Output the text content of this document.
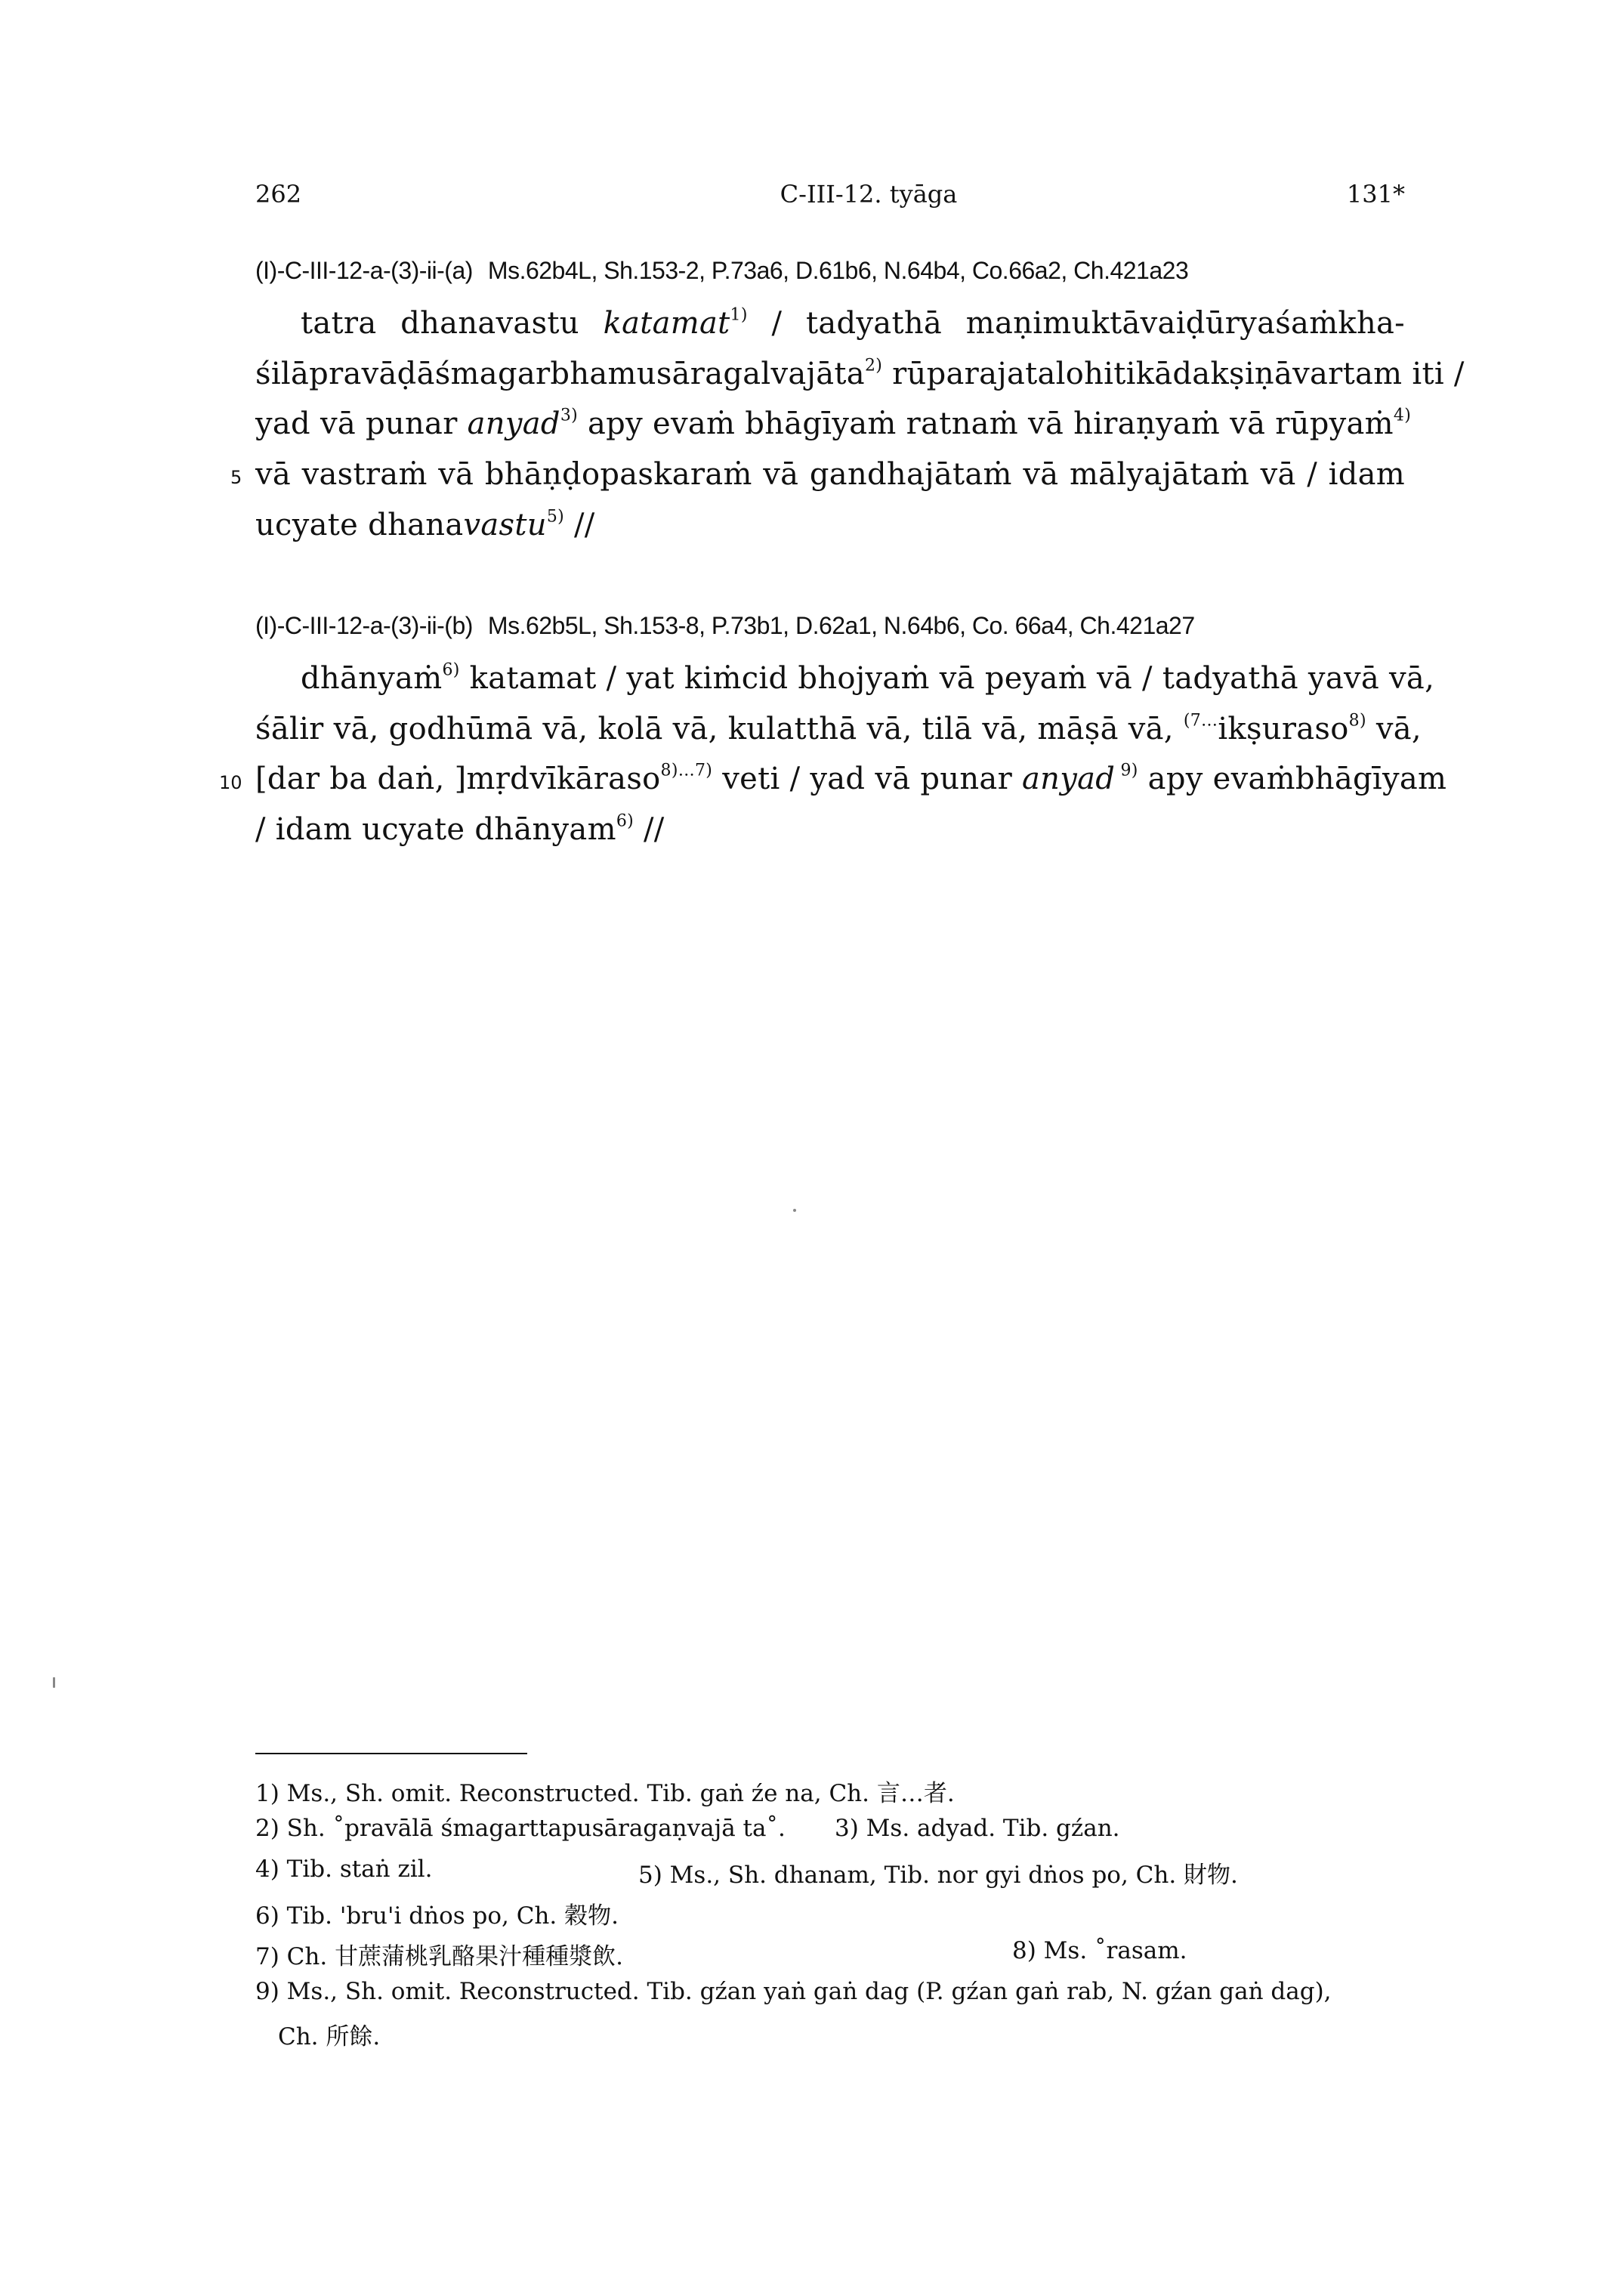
262	C-III-12. tyāga	131*
(I)-C-III-12-a-(3)-ii-(a) Ms.62b4L, Sh.153-2, P.73a6, D.61b6, N.64b4, Co.66a2, Ch.421a23
tatra dhanavastu katamat$^{1)}$ / tadyathā maṇimuktāvaiḍūryaśaṁkha-
śilāpravāḍāśmagarbhamusāragalvajāta$^{2)}$ rūparajatalohitikādakṣiṇāvartam iti /
yad vā punar anyad$^{3)}$ apy evaṁ bhāgīyaṁ ratnaṁ vā hiraṇyaṁ vā rūpyaṁ$^{4)}$
5 vā vastraṁ vā bhāṇḍopaskaraṁ vā gandhajātaṁ vā mālyajātaṁ vā / idam
ucyate dhanavastu$^{5)}$ //
(I)-C-III-12-a-(3)-ii-(b) Ms.62b5L, Sh.153-8, P.73b1, D.62a1, N.64b6, Co. 66a4, Ch.421a27
dhānyaṁ$^{6)}$ katamat / yat kiṁcid bhojyaṁ vā peyaṁ vā / tadyathā yavā vā,
śālir vā, godhūmā vā, kolā vā, kulatthā vā, tilā vā, māṣā vā, $^{(7\dots}$ikṣuraso$^{8)}$ vā,
10 [dar ba daṅ, ]mṛdvīkāraso$^{8)\dots 7)}$ veti / yad vā punar anyad $^{9)}$ apy evaṁbhāgīyam
/ idam ucyate dhānyam$^{6)}$ //
1) Ms., Sh. omit. Reconstructed. Tib. gaṅ źe na, Ch. 言…者.
2) Sh. ˚pravālā śmagarttapusāragaṇvajā ta˚. 3) Ms. adyad. Tib. gźan.
4) Tib. staṅ zil.	5) Ms., Sh. dhanam, Tib. nor gyi dṅos po, Ch. 財物.
6) Tib. 'bru'i dṅos po, Ch. 穀物.
7) Ch. 甘蔗蒲桃乳酪果汁種種漿飲.	8) Ms. ˚rasam.
9) Ms., Sh. omit. Reconstructed. Tib. gźan yaṅ gaṅ dag (P. gźan gaṅ rab, N. gźan gaṅ dag),
Ch. 所餘.
